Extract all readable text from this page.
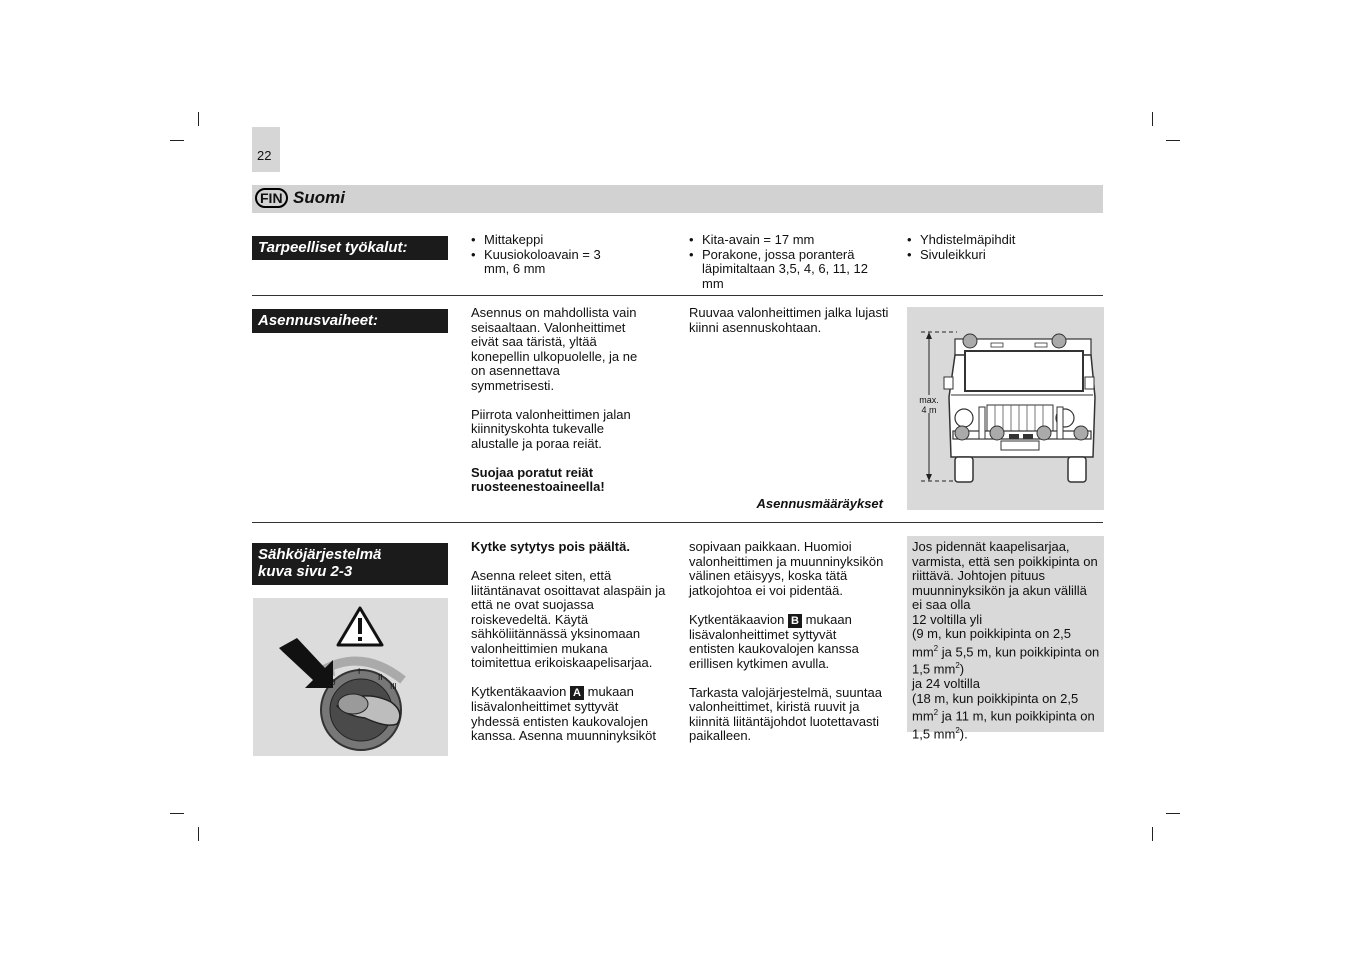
22
FIN Suomi
Tarpeelliset työkalut:
•	Mittakeppi
• Kuusiokoloavain = 3 mm, 6 mm
• Kita-avain = 17 mm
• Porakone, jossa poranterä läpimitaltaan 3,5, 4, 6, 11, 12 mm
• Yhdistelmäpihdit
• Sivuleikkuri
Asennusvaiheet:	Asennus on mahdollista vain seisaaltaan. Valonheittimet eivät saa täristä, yltää konepellin ulkopuolelle, ja ne on asennettava symmetrisesti.

Piirrota valonheittimen jalan kiinnityskohta tukevalle alustalle ja poraa reiät.

Suojaa poratut reiät ruosteenestoaineella!

Ruuvaa valonheittimen jalka lujasti kiinni asennuskohtaan.

Asennusmääräykset
max.
4 m
Sähköjärjestelmä
kuva sivu 2-3
0
I
II
III

Kytke sytytys pois päältä.

Asenna releet siten, että liitäntänavat osoittavat alaspäin ja että ne ovat suojassa roiskevedeltä. Käytä sähköliitännässä yksinomaan valonheittimien mukana toimitettua erikoiskaapelisarjaa.

Kytkentäkaavion A mukaan lisävalonheittimet syttyvät yhdessä entisten kaukovalojen kanssa. Asenna muunninyksiköt

sopivaan paikkaan. Huomioi valonheittimen ja muunninyksikön välinen etäisyys, koska tätä jatkojohtoa ei voi pidentää.

Kytkentäkaavion B mukaan lisävalonheittimet syttyvät entisten kaukovalojen kanssa erillisen kytkimen avulla.

Tarkasta valojärjestelmä, suuntaa valonheittimet, kiristä ruuvit ja kiinnitä liitäntäjohdot luotettavasti paikalleen.

Jos pidennät kaapelisarjaa, varmista, että sen poikkipinta on riittävä. Johtojen pituus muunninyksikön ja akun välillä ei saa olla
12 voltilla yli
(9 m, kun poikkipinta on 2,5 $mm^2$ ja 5,5 m, kun poikkipinta on 1,5 $mm^2$)
ja 24 voltilla
(18 m, kun poikkipinta on 2,5 $mm^2$ ja 11 m, kun poikkipinta on 1,5 $mm^2$).
